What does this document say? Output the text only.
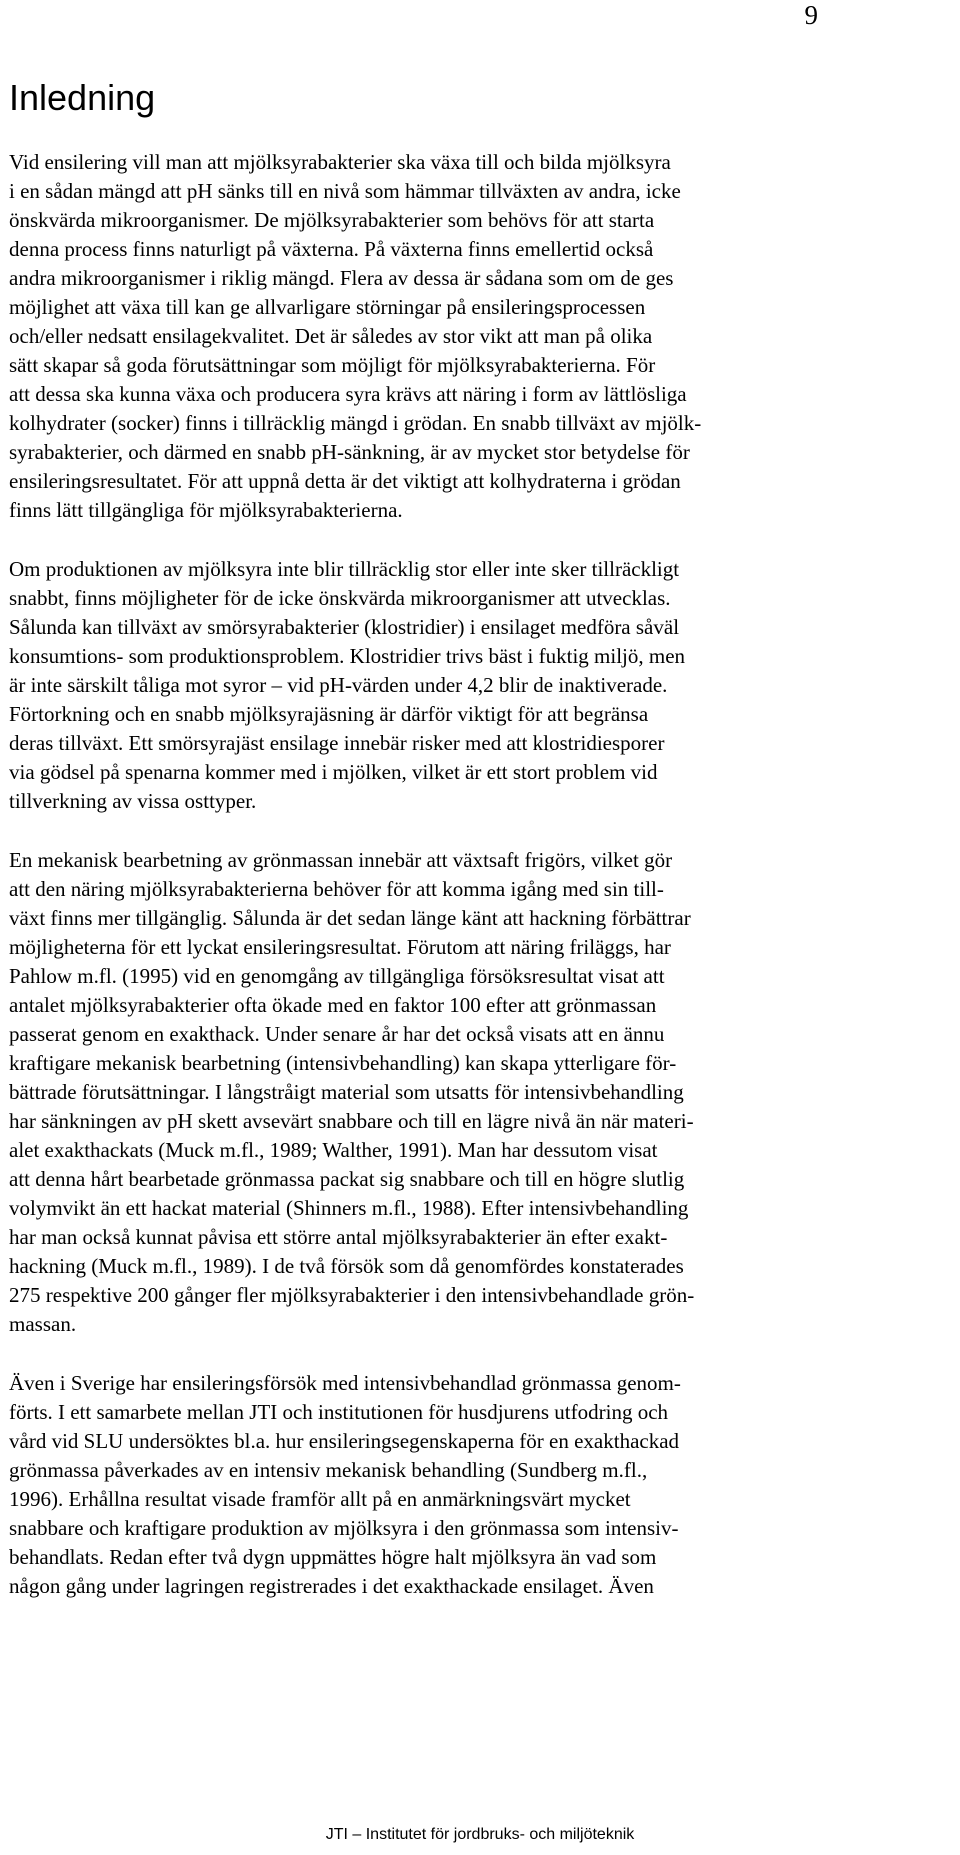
9
Inledning

Vid ensilering vill man att mjölksyrabakterier ska växa till och bilda mjölksyra
i en sådan mängd att pH sänks till en nivå som hämmar tillväxten av andra, icke
önskvärda mikroorganismer. De mjölksyrabakterier som behövs för att starta
denna process finns naturligt på växterna. På växterna finns emellertid också
andra mikroorganismer i riklig mängd. Flera av dessa är sådana som om de ges
möjlighet att växa till kan ge allvarligare störningar på ensileringsprocessen
och/eller nedsatt ensilagekvalitet. Det är således av stor vikt att man på olika
sätt skapar så goda förutsättningar som möjligt för mjölksyrabakterierna. För
att dessa ska kunna växa och producera syra krävs att näring i form av lättlösliga
kolhydrater (socker) finns i tillräcklig mängd i grödan. En snabb tillväxt av mjölk-
syrabakterier, och därmed en snabb pH-sänkning, är av mycket stor betydelse för
ensileringsresultatet. För att uppnå detta är det viktigt att kolhydraterna i grödan
finns lätt tillgängliga för mjölksyrabakterierna.

Om produktionen av mjölksyra inte blir tillräcklig stor eller inte sker tillräckligt
snabbt, finns möjligheter för de icke önskvärda mikroorganismer att utvecklas.
Sålunda kan tillväxt av smörsyrabakterier (klostridier) i ensilaget medföra såväl
konsumtions- som produktionsproblem. Klostridier trivs bäst i fuktig miljö, men
är inte särskilt tåliga mot syror – vid pH-värden under 4,2 blir de inaktiverade.
Förtorkning och en snabb mjölksyrajäsning är därför viktigt för att begränsa
deras tillväxt. Ett smörsyrajäst ensilage innebär risker med att klostridiesporer
via gödsel på spenarna kommer med i mjölken, vilket är ett stort problem vid
tillverkning av vissa osttyper.

En mekanisk bearbetning av grönmassan innebär att växtsaft frigörs, vilket gör
att den näring mjölksyrabakterierna behöver för att komma igång med sin till-
växt finns mer tillgänglig. Sålunda är det sedan länge känt att hackning förbättrar
möjligheterna för ett lyckat ensileringsresultat. Förutom att näring friläggs, har
Pahlow m.fl. (1995) vid en genomgång av tillgängliga försöksresultat visat att
antalet mjölksyrabakterier ofta ökade med en faktor 100 efter att grönmassan
passerat genom en exakthack. Under senare år har det också visats att en ännu
kraftigare mekanisk bearbetning (intensivbehandling) kan skapa ytterligare för-
bättrade förutsättningar. I långstråigt material som utsatts för intensivbehandling
har sänkningen av pH skett avsevärt snabbare och till en lägre nivå än när materi-
alet exakthackats (Muck m.fl., 1989; Walther, 1991). Man har dessutom visat
att denna hårt bearbetade grönmassa packat sig snabbare och till en högre slutlig
volymvikt än ett hackat material (Shinners m.fl., 1988). Efter intensivbehandling
har man också kunnat påvisa ett större antal mjölksyrabakterier än efter exakt-
hackning (Muck m.fl., 1989). I de två försök som då genomfördes konstaterades
275 respektive 200 gånger fler mjölksyrabakterier i den intensivbehandlade grön-
massan.

Även i Sverige har ensileringsförsök med intensivbehandlad grönmassa genom-
förts. I ett samarbete mellan JTI och institutionen för husdjurens utfodring och
vård vid SLU undersöktes bl.a. hur ensileringsegenskaperna för en exakthackad
grönmassa påverkades av en intensiv mekanisk behandling (Sundberg m.fl.,
1996). Erhållna resultat visade framför allt på en anmärkningsvärt mycket
snabbare och kraftigare produktion av mjölksyra i den grönmassa som intensiv-
behandlats. Redan efter två dygn uppmättes högre halt mjölksyra än vad som
någon gång under lagringen registrerades i det exakthackade ensilaget. Även

JTI – Institutet för jordbruks- och miljöteknik
